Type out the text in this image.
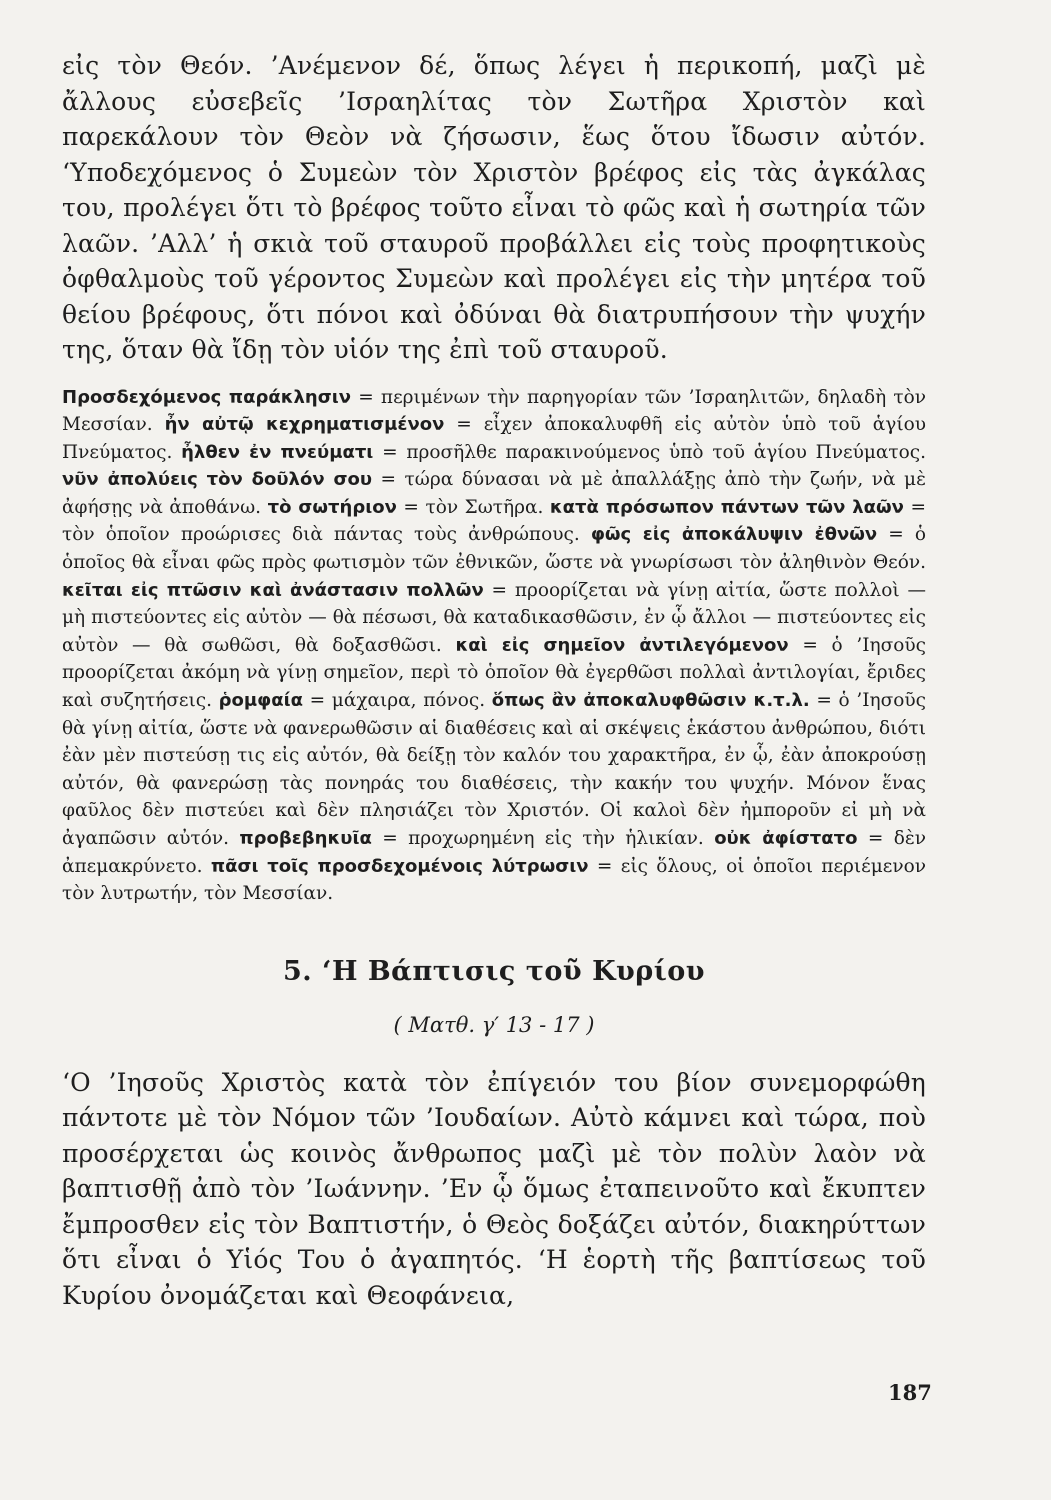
εἰς τὸν Θεόν. ’Ανέμενον δέ, ὅπως λέγει ἡ περικοπή, μαζὶ μὲ ἄλλους εὐσεβεῖς ’Ισραηλίτας τὸν Σωτῆρα Χριστὸν καὶ παρεκάλουν τὸν Θεὸν νὰ ζήσωσιν, ἕως ὅτου ἴδωσιν αὐτόν. ‘Υποδεχόμενος ὁ Συμεὼν τὸν Χριστὸν βρέφος εἰς τὰς ἀγκάλας του, προλέγει ὅτι τὸ βρέφος τοῦτο εἶναι τὸ φῶς καὶ ἡ σωτηρία τῶν λαῶν. ’Αλλ’ ἡ σκιὰ τοῦ σταυροῦ προβάλλει εἰς τοὺς προφητικοὺς ὀφθαλμοὺς τοῦ γέροντος Συμεὼν καὶ προλέγει εἰς τὴν μητέρα τοῦ θείου βρέφους, ὅτι πόνοι καὶ ὀδύναι θὰ διατρυπήσουν τὴν ψυχήν της, ὅταν θὰ ἴδῃ τὸν υἱόν της ἐπὶ τοῦ σταυροῦ.

Προσδεχόμενος παράκλησιν = περιμένων τὴν παρηγορίαν τῶν ’Ισραηλιτῶν, δηλαδὴ τὸν Μεσσίαν. ἦν αὐτῷ κεχρηματισμένον = εἶχεν ἀποκαλυφθῆ εἰς αὐτὸν ὑπὸ τοῦ ἁγίου Πνεύματος. ἦλθεν ἐν πνεύματι = προσῆλθε παρακινούμενος ὑπὸ τοῦ ἁγίου Πνεύματος. νῦν ἀπολύεις τὸν δοῦλόν σου = τώρα δύνασαι νὰ μὲ ἀπαλλάξῃς ἀπὸ τὴν ζωήν, νὰ μὲ ἀφήσῃς νὰ ἀποθάνω. τὸ σωτήριον = τὸν Σωτῆρα. κατὰ πρόσωπον πάντων τῶν λαῶν = τὸν ὁποῖον προώρισες διὰ πάντας τοὺς ἀνθρώπους. φῶς εἰς ἀποκάλυψιν ἐθνῶν = ὁ ὁποῖος θὰ εἶναι φῶς πρὸς φωτισμὸν τῶν ἐθνικῶν, ὥστε νὰ γνωρίσωσι τὸν ἀληθινὸν Θεόν. κεῖται εἰς πτῶσιν καὶ ἀνάστασιν πολλῶν = προορίζεται νὰ γίνῃ αἰτία, ὥστε πολλοὶ — μὴ πιστεύοντες εἰς αὐτὸν — θὰ πέσωσι, θὰ καταδικασθῶσιν, ἐν ᾧ ἄλλοι — πιστεύοντες εἰς αὐτὸν — θὰ σωθῶσι, θὰ δοξασθῶσι. καὶ εἰς σημεῖον ἀντιλεγόμενον = ὁ ’Ιησοῦς προορίζεται ἀκόμη νὰ γίνῃ σημεῖον, περὶ τὸ ὁποῖον θὰ ἐγερθῶσι πολλαὶ ἀντιλογίαι, ἔριδες καὶ συζητήσεις. ῥομφαία = μάχαιρα, πόνος. ὅπως ἂν ἀποκαλυφθῶσιν κ.τ.λ. = ὁ ’Ιησοῦς θὰ γίνῃ αἰτία, ὥστε νὰ φανερωθῶσιν αἱ διαθέσεις καὶ αἱ σκέψεις ἑκάστου ἀνθρώπου, διότι ἐὰν μὲν πιστεύσῃ τις εἰς αὐτόν, θὰ δείξῃ τὸν καλόν του χαρακτῆρα, ἐν ᾧ, ἐὰν ἀποκρούσῃ αὐτόν, θὰ φανερώσῃ τὰς πονηράς του διαθέσεις, τὴν κακήν του ψυχήν. Μόνον ἕνας φαῦλος δὲν πιστεύει καὶ δὲν πλησιάζει τὸν Χριστόν. Οἱ καλοὶ δὲν ἠμποροῦν εἰ μὴ νὰ ἀγαπῶσιν αὐτόν. προβεβηκυῖα = προχωρημένη εἰς τὴν ἡλικίαν. οὐκ ἀφίστατο = δὲν ἀπεμακρύνετο. πᾶσι τοῖς προσδεχομένοις λύτρωσιν = εἰς ὅλους, οἱ ὁποῖοι περιέμενον τὸν λυτρωτήν, τὸν Μεσσίαν.
5. ‘Η Βάπτισις τοῦ Κυρίου
( Ματθ. γ′ 13 - 17 )

‘Ο ’Ιησοῦς Χριστὸς κατὰ τὸν ἐπίγειόν του βίον συνεμορφώθη πάντοτε μὲ τὸν Νόμον τῶν ’Ιουδαίων. Αὐτὸ κάμνει καὶ τώρα, ποὺ προσέρχεται ὡς κοινὸς ἄνθρωπος μαζὶ μὲ τὸν πολὺν λαὸν νὰ βαπτισθῇ ἀπὸ τὸν ’Ιωάννην. ’Εν ᾧ ὅμως ἐταπεινοῦτο καὶ ἔκυπτεν ἔμπροσθεν εἰς τὸν Βαπτιστήν, ὁ Θεὸς δοξάζει αὐτόν, διακηρύττων ὅτι εἶναι ὁ Υἱός Του ὁ ἀγαπητός. ‘Η ἑορτὴ τῆς βαπτίσεως τοῦ Κυρίου ὀνομάζεται καὶ Θεοφάνεια,

187
